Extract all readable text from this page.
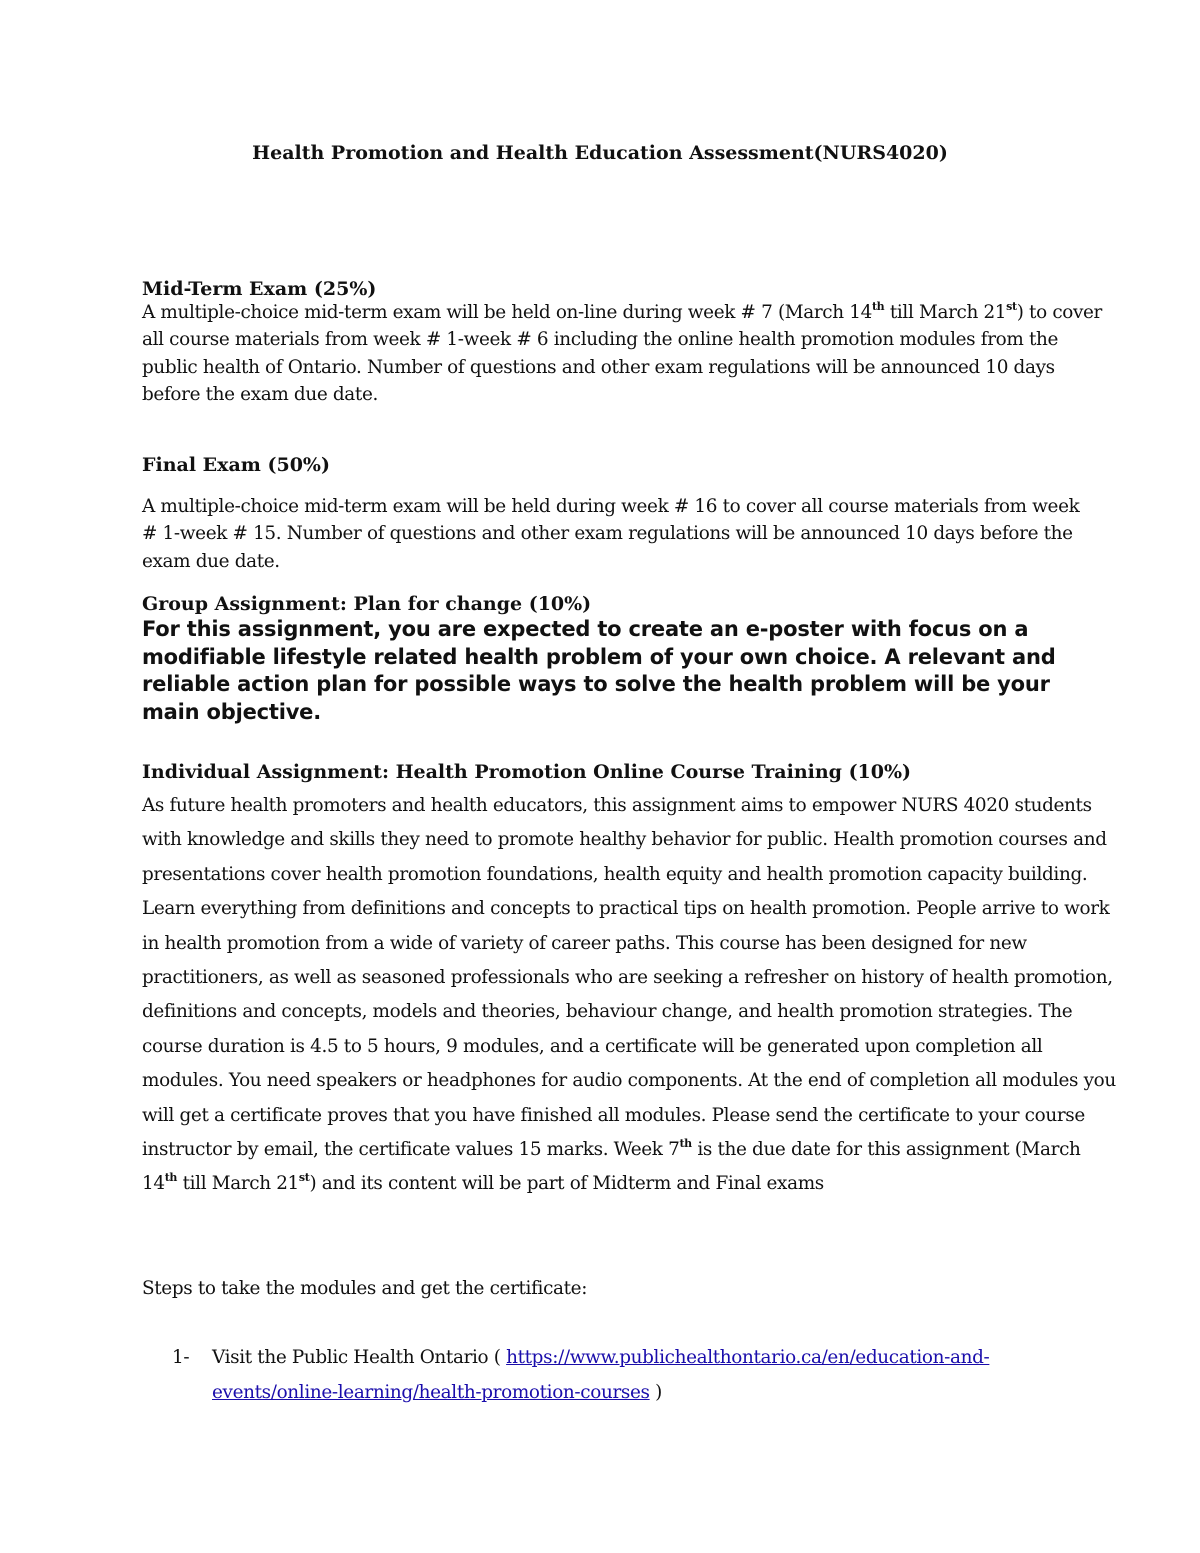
Health Promotion and Health Education Assessment(NURS4020)
Mid-Term Exam (25%)

A multiple-choice mid-term exam will be held on-line during week # 7 (March 14th till March 21st) to cover all course materials from week # 1-week # 6 including the online health promotion modules from the public health of Ontario. Number of questions and other exam regulations will be announced 10 days before the exam due date.

Final Exam (50%)

A multiple-choice mid-term exam will be held during week # 16 to cover all course materials from week # 1-week # 15. Number of questions and other exam regulations will be announced 10 days before the exam due date.

Group Assignment: Plan for change (10%)

For this assignment, you are expected to create an e-poster with focus on a modifiable lifestyle related health problem of your own choice. A relevant and reliable action plan for possible ways to solve the health problem will be your main objective.

Individual Assignment: Health Promotion Online Course Training (10%)

As future health promoters and health educators, this assignment aims to empower NURS 4020 students with knowledge and skills they need to promote healthy behavior for public. Health promotion courses and presentations cover health promotion foundations, health equity and health promotion capacity building. Learn everything from definitions and concepts to practical tips on health promotion. People arrive to work in health promotion from a wide of variety of career paths. This course has been designed for new practitioners, as well as seasoned professionals who are seeking a refresher on history of health promotion, definitions and concepts, models and theories, behaviour change, and health promotion strategies. The course duration is 4.5 to 5 hours, 9 modules, and a certificate will be generated upon completion all modules. You need speakers or headphones for audio components. At the end of completion all modules you will get a certificate proves that you have finished all modules. Please send the certificate to your course instructor by email, the certificate values 15 marks. Week 7th is the due date for this assignment (March 14th till March 21st) and its content will be part of Midterm and Final exams

Steps to take the modules and get the certificate:
1- Visit the Public Health Ontario ( https://www.publichealthontario.ca/en/education-and-events/online-learning/health-promotion-courses )
